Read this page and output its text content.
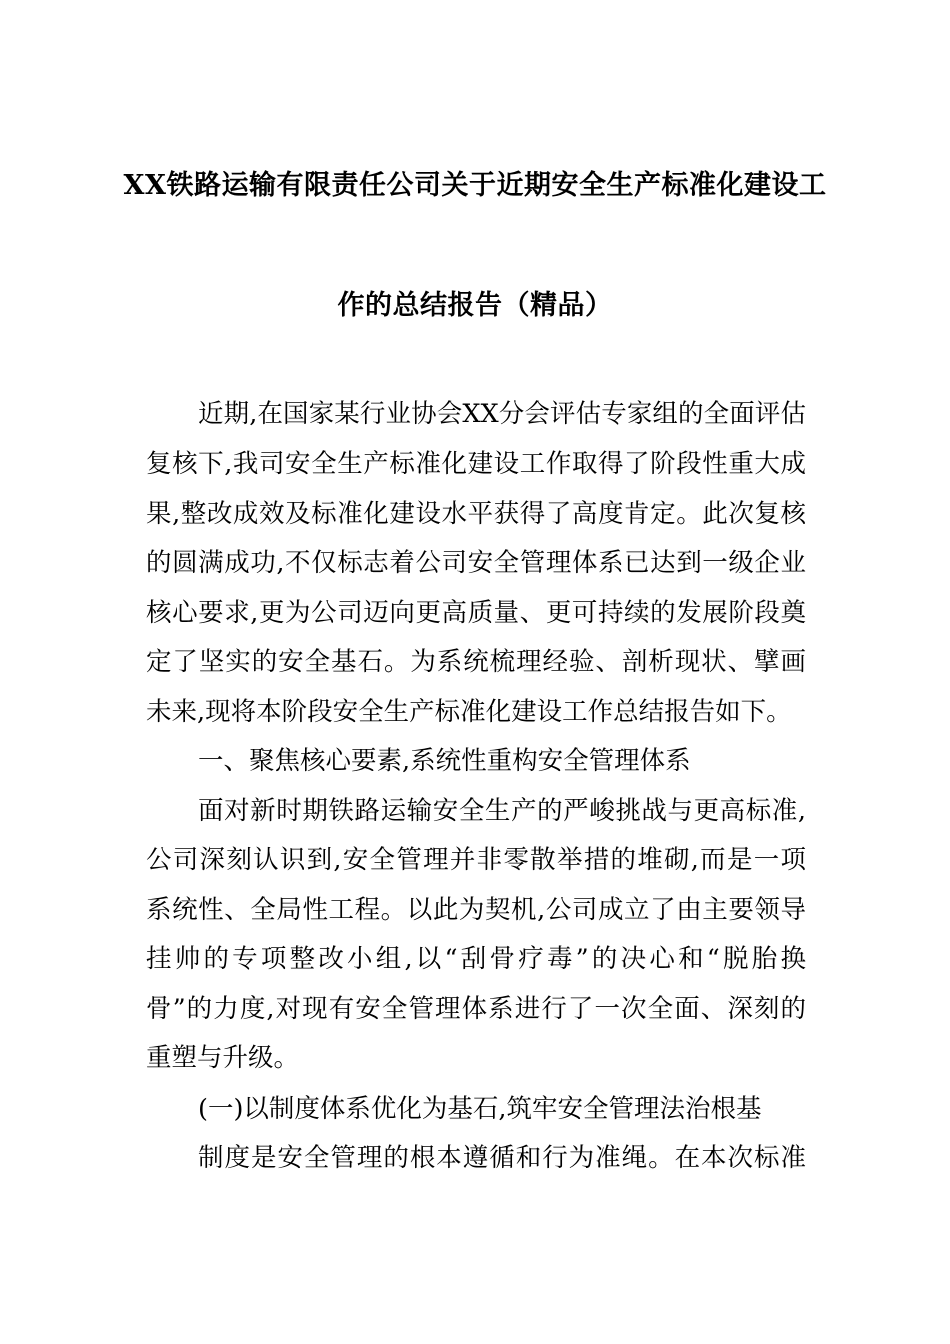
XX铁路运输有限责任公司关于近期安全生产标准化建设工
作的总结报告（精品）
近期,在国家某行业协会XX分会评估专家组的全面评估
复核下,我司安全生产标准化建设工作取得了阶段性重大成
果,整改成效及标准化建设水平获得了高度肯定。此次复核
的圆满成功,不仅标志着公司安全管理体系已达到一级企业
核心要求,更为公司迈向更高质量、更可持续的发展阶段奠
定了坚实的安全基石。为系统梳理经验、剖析现状、擘画
未来,现将本阶段安全生产标准化建设工作总结报告如下。
一、聚焦核心要素,系统性重构安全管理体系
面对新时期铁路运输安全生产的严峻挑战与更高标准,
公司深刻认识到,安全管理并非零散举措的堆砌,而是一项
系统性、全局性工程。以此为契机,公司成立了由主要领导
挂帅的专项整改小组,以“刮骨疗毒”的决心和“脱胎换
骨”的力度,对现有安全管理体系进行了一次全面、深刻的
重塑与升级。
(一)以制度体系优化为基石,筑牢安全管理法治根基
制度是安全管理的根本遵循和行为准绳。在本次标准
